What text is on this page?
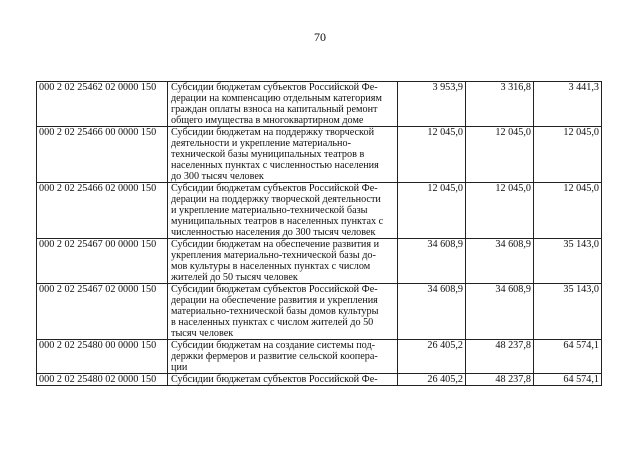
70
000 2 02 25462 02 0000 150	Субсидии бюджетам субъектов Российской Фе-
дерации на компенсацию отдельным категориям
граждан оплаты взноса на капитальный ремонт
общего имущества в многоквартирном доме	3 953,9	3 316,8	3 441,3
000 2 02 25466 00 0000 150	Субсидии бюджетам на поддержку творческой
деятельности и укрепление материально-
технической базы муниципальных театров в
населенных пунктах с численностью населения
до 300 тысяч человек	12 045,0	12 045,0	12 045,0
000 2 02 25466 02 0000 150	Субсидии бюджетам субъектов Российской Фе-
дерации на поддержку творческой деятельности
и укрепление материально-технической базы
муниципальных театров в населенных пунктах с
численностью населения до 300 тысяч человек	12 045,0	12 045,0	12 045,0
000 2 02 25467 00 0000 150	Субсидии бюджетам на обеспечение развития и
укрепления материально-технической базы до-
мов культуры в населенных пунктах с числом
жителей до 50 тысяч человек	34 608,9	34 608,9	35 143,0
000 2 02 25467 02 0000 150	Субсидии бюджетам субъектов Российской Фе-
дерации на обеспечение развития и укрепления
материально-технической базы домов культуры
в населенных пунктах с числом жителей до 50
тысяч человек	34 608,9	34 608,9	35 143,0
000 2 02 25480 00 0000 150	Субсидии бюджетам на создание системы под-
держки фермеров и развитие сельской коопера-
ции	26 405,2	48 237,8	64 574,1
000 2 02 25480 02 0000 150	Субсидии бюджетам субъектов Российской Фе-	26 405,2	48 237,8	64 574,1
